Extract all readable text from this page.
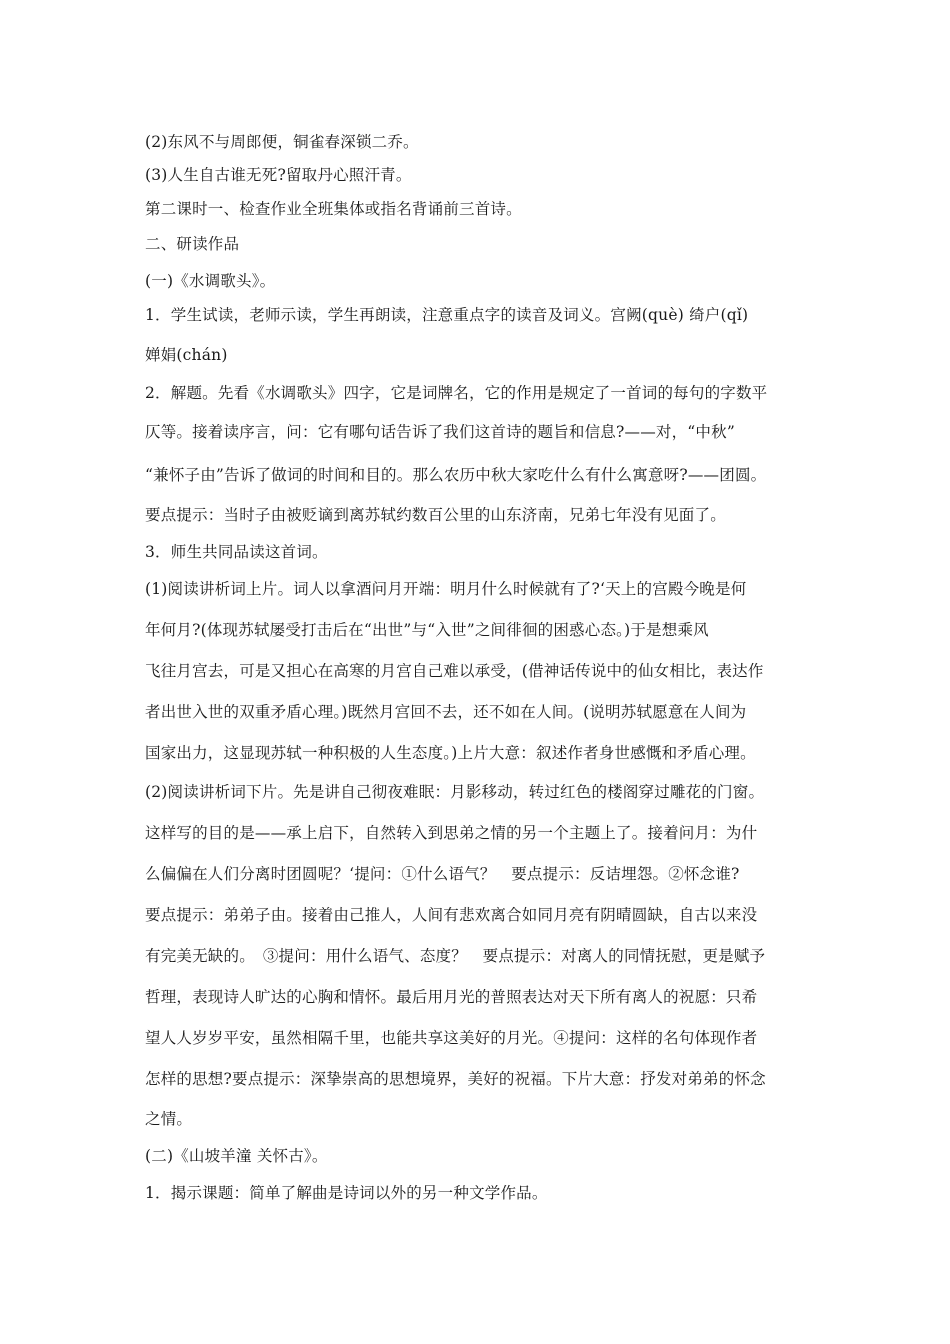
(2)东风不与周郎便，铜雀春深锁二乔。
(3)人生自古谁无死?留取丹心照汗青。
第二课时一、检查作业全班集体或指名背诵前三首诗。
二、研读作品
(一)《水调歌头》。
1．学生试读，老师示读，学生再朗读，注意重点字的读音及词义。宫阙(què) 绮户(qǐ)
婵娟(chán)
2．解题。先看《水调歌头》四字，它是词牌名，它的作用是规定了一首词的每句的字数平
仄等。接着读序言，问：它有哪句话告诉了我们这首诗的题旨和信息?——对，“中秋”
“兼怀子由”告诉了做词的时间和目的。那么农历中秋大家吃什么有什么寓意呀?——团圆。
要点提示：当时子由被贬谪到离苏轼约数百公里的山东济南，兄弟七年没有见面了。
3．师生共同品读这首词。
(1)阅读讲析词上片。词人以拿酒问月开端：明月什么时候就有了?‘天上的宫殿今晚是何
年何月?(体现苏轼屡受打击后在“出世”与“入世”之间徘徊的困惑心态。)于是想乘风
飞往月宫去，可是又担心在高寒的月宫自己难以承受，(借神话传说中的仙女相比，表达作
者出世入世的双重矛盾心理。)既然月宫回不去，还不如在人间。(说明苏轼愿意在人间为
国家出力，这显现苏轼一种积极的人生态度。)上片大意：叙述作者身世感慨和矛盾心理。
(2)阅读讲析词下片。先是讲自己彻夜难眠：月影移动，转过红色的楼阁穿过雕花的门窗。
这样写的目的是——承上启下，自然转入到思弟之情的另一个主题上了。接着问月：为什
么偏偏在人们分离时团圆呢？‘提问：①什么语气？　要点提示：反诘埋怨。②怀念谁?
要点提示：弟弟子由。接着由己推人，人间有悲欢离合如同月亮有阴晴圆缺，自古以来没
有完美无缺的。　③提问：用什么语气、态度？　要点提示：对离人的同情抚慰，更是赋予
哲理，表现诗人旷达的心胸和情怀。最后用月光的普照表达对天下所有离人的祝愿：只希
望人人岁岁平安，虽然相隔千里，也能共享这美好的月光。④提问：这样的名句体现作者
怎样的思想?要点提示：深挚崇高的思想境界，美好的祝福。下片大意：抒发对弟弟的怀念
之情。
(二)《山坡羊潼 关怀古》。
1．揭示课题：简单了解曲是诗词以外的另一种文学作品。
